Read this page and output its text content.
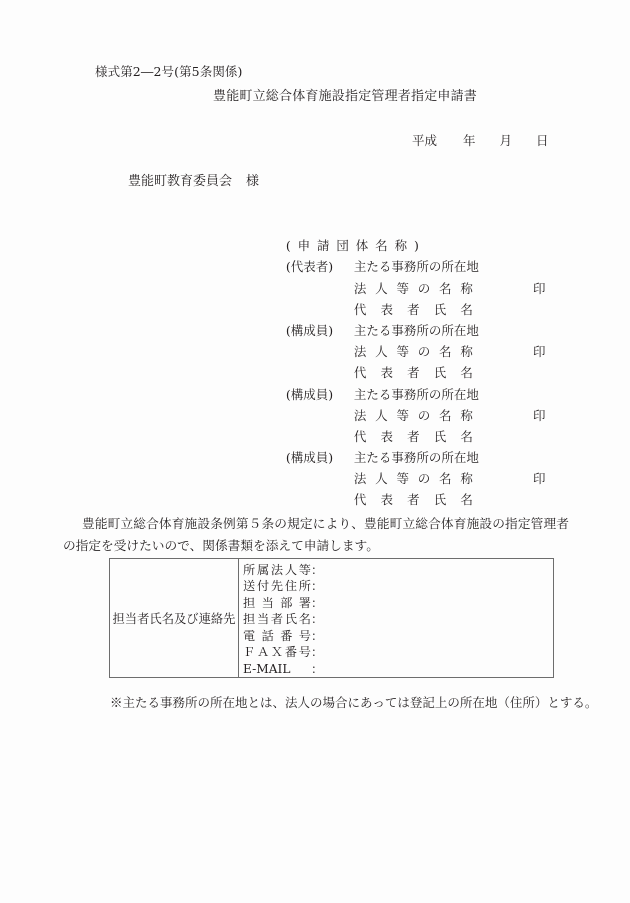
様式第2―2号(第5条関係)
豊能町立総合体育施設指定管理者指定申請書
平成 年 月 日
豊能町教育委員会 様

(申請団体名称)

(代表者) 主たる事務所の所在地

法人等の名称

代表者氏名

印

(構成員) 主たる事務所の所在地

法人等の名称

代表者氏名

印

(構成員) 主たる事務所の所在地

法人等の名称

代表者氏名

印

(構成員) 主たる事務所の所在地

法人等の名称

代表者氏名

印

豊能町立総合体育施設条例第５条の規定により、豊能町立総合体育施設の指定管理者の指定を受けたいので、関係書類を添えて申請します。
担当者氏名及び連絡先
所属法人等：
送付先住所：
担当部署：
担当者氏名：
電話番号：
ＦＡＸ番号：
E-MAIL ：
※主たる事務所の所在地とは、法人の場合にあっては登記上の所在地（住所）とする。
